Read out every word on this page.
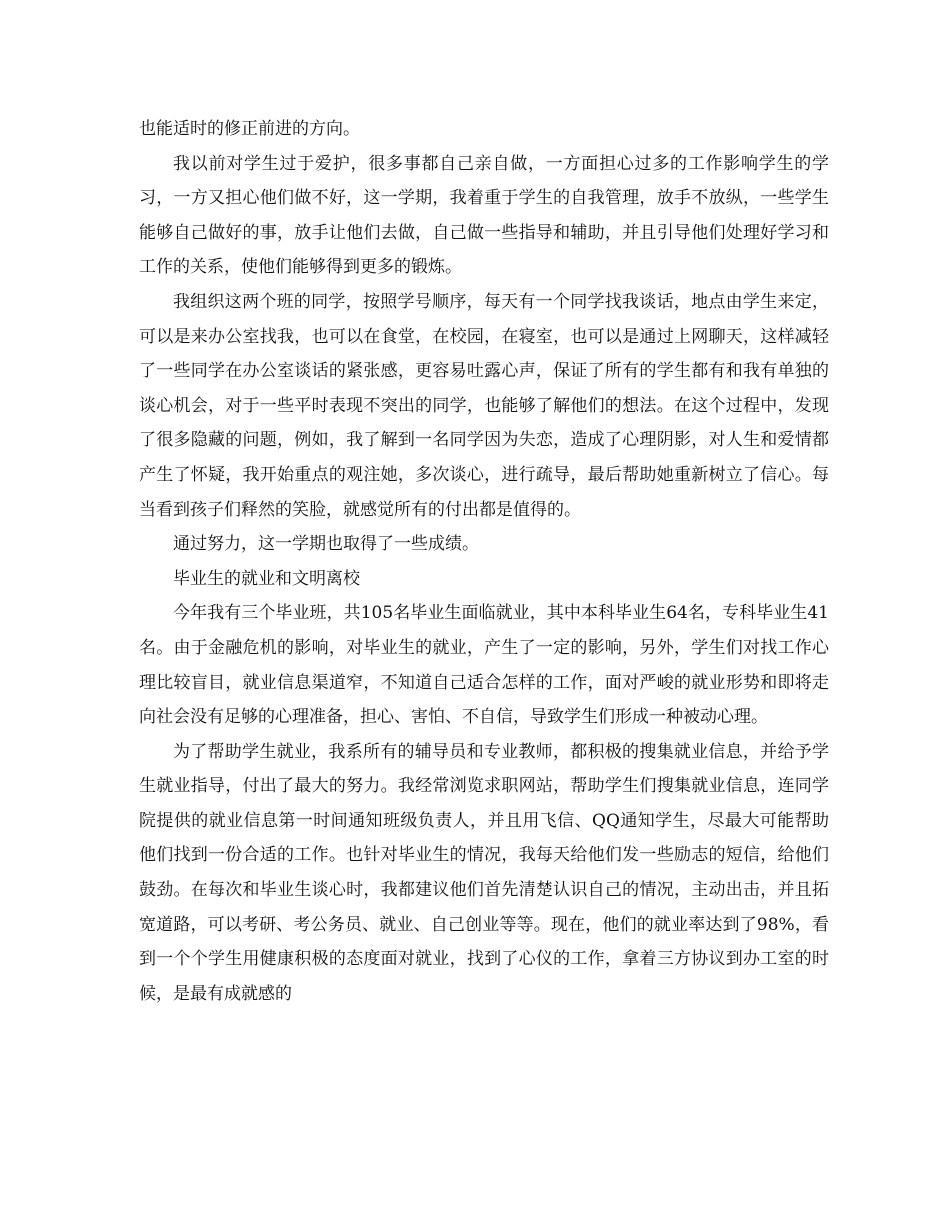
也能适时的修正前进的方向。

我以前对学生过于爱护，很多事都自己亲自做，一方面担心过多的工作影响学生的学习，一方又担心他们做不好，这一学期，我着重于学生的自我管理，放手不放纵，一些学生能够自己做好的事，放手让他们去做，自己做一些指导和辅助，并且引导他们处理好学习和工作的关系，使他们能够得到更多的锻炼。

我组织这两个班的同学，按照学号顺序，每天有一个同学找我谈话，地点由学生来定，可以是来办公室找我，也可以在食堂，在校园，在寝室，也可以是通过上网聊天，这样减轻了一些同学在办公室谈话的紧张感，更容易吐露心声，保证了所有的学生都有和我有单独的谈心机会，对于一些平时表现不突出的同学，也能够了解他们的想法。在这个过程中，发现了很多隐藏的问题，例如，我了解到一名同学因为失恋，造成了心理阴影，对人生和爱情都产生了怀疑，我开始重点的观注她，多次谈心，进行疏导，最后帮助她重新树立了信心。每当看到孩子们释然的笑脸，就感觉所有的付出都是值得的。

通过努力，这一学期也取得了一些成绩。

毕业生的就业和文明离校

今年我有三个毕业班，共105名毕业生面临就业，其中本科毕业生64名，专科毕业生41名。由于金融危机的影响，对毕业生的就业，产生了一定的影响，另外，学生们对找工作心理比较盲目，就业信息渠道窄，不知道自己适合怎样的工作，面对严峻的就业形势和即将走向社会没有足够的心理准备，担心、害怕、不自信，导致学生们形成一种被动心理。

为了帮助学生就业，我系所有的辅导员和专业教师，都积极的搜集就业信息，并给予学生就业指导，付出了最大的努力。我经常浏览求职网站，帮助学生们搜集就业信息，连同学院提供的就业信息第一时间通知班级负责人，并且用飞信、QQ通知学生，尽最大可能帮助他们找到一份合适的工作。也针对毕业生的情况，我每天给他们发一些励志的短信，给他们鼓劲。在每次和毕业生谈心时，我都建议他们首先清楚认识自己的情况，主动出击，并且拓宽道路，可以考研、考公务员、就业、自己创业等等。现在，他们的就业率达到了98%，看到一个个学生用健康积极的态度面对就业，找到了心仪的工作，拿着三方协议到办工室的时候，是最有成就感的
